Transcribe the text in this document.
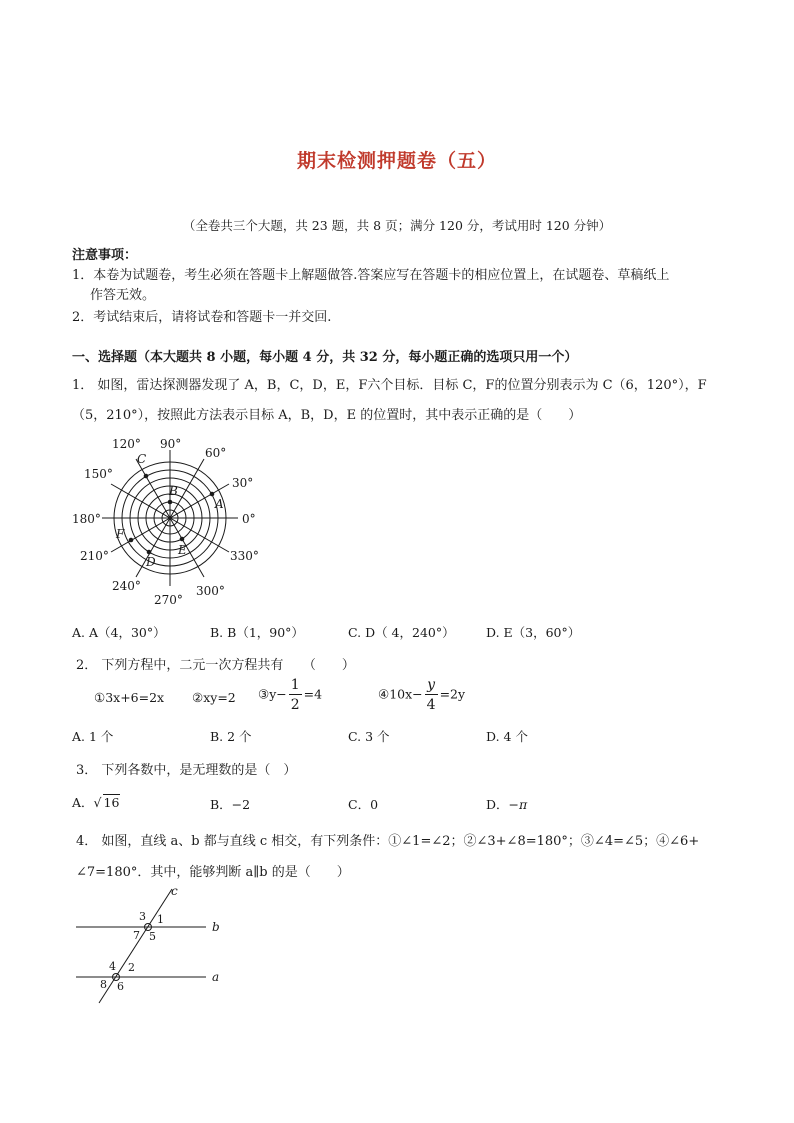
期末检测押题卷（五）
（全卷共三个大题，共 23 题，共 8 页；满分 120 分，考试用时 120 分钟）
注意事项：
1．本卷为试题卷，考生必须在答题卡上解题做答.答案应写在答题卡的相应位置上，在试题卷、草稿纸上
作答无效。
2．考试结束后，请将试卷和答题卡一并交回.
一、选择题（本大题共 8 小题，每小题 4 分，共 32 分，每小题正确的选项只用一个）
1． 如图，雷达探测器发现了 A，B，C，D，E，F六个目标．目标 C，F的位置分别表示为 C（6，120°），F
（5，210°），按照此方法表示目标 A，B，D，E 的位置时，其中表示正确的是（　　）
0°
30°
60°
90°
120°
150°
180°
210°
240°
270°
300°
330°
A
B
C
D
E
F
A. A（4，30°）	B. B（1，90°）	C. D（ 4，240°）	D. E（3，60°）
2． 下列方程中，二元一次方程共有　　（　　）
①3x+6=2x ②xy=2 ③y− $\frac{1}{2} =4$	④10x− $\frac{y}{4} =2y$
A. 1 个	B. 2 个	C. 3 个	D. 4 个
3． 下列各数中，是无理数的是（　）
A．√ 16	B．−2	C．0	D．−π
4． 如图，直线 a、b 都与直线 c 相交，有下列条件：①∠1=∠2；②∠3+∠8=180°；③∠4=∠5；④∠6+
∠7=180°．其中，能够判断 a∥b 的是（　　）
c
b
a
3 1
7 5
4 2
8 6
